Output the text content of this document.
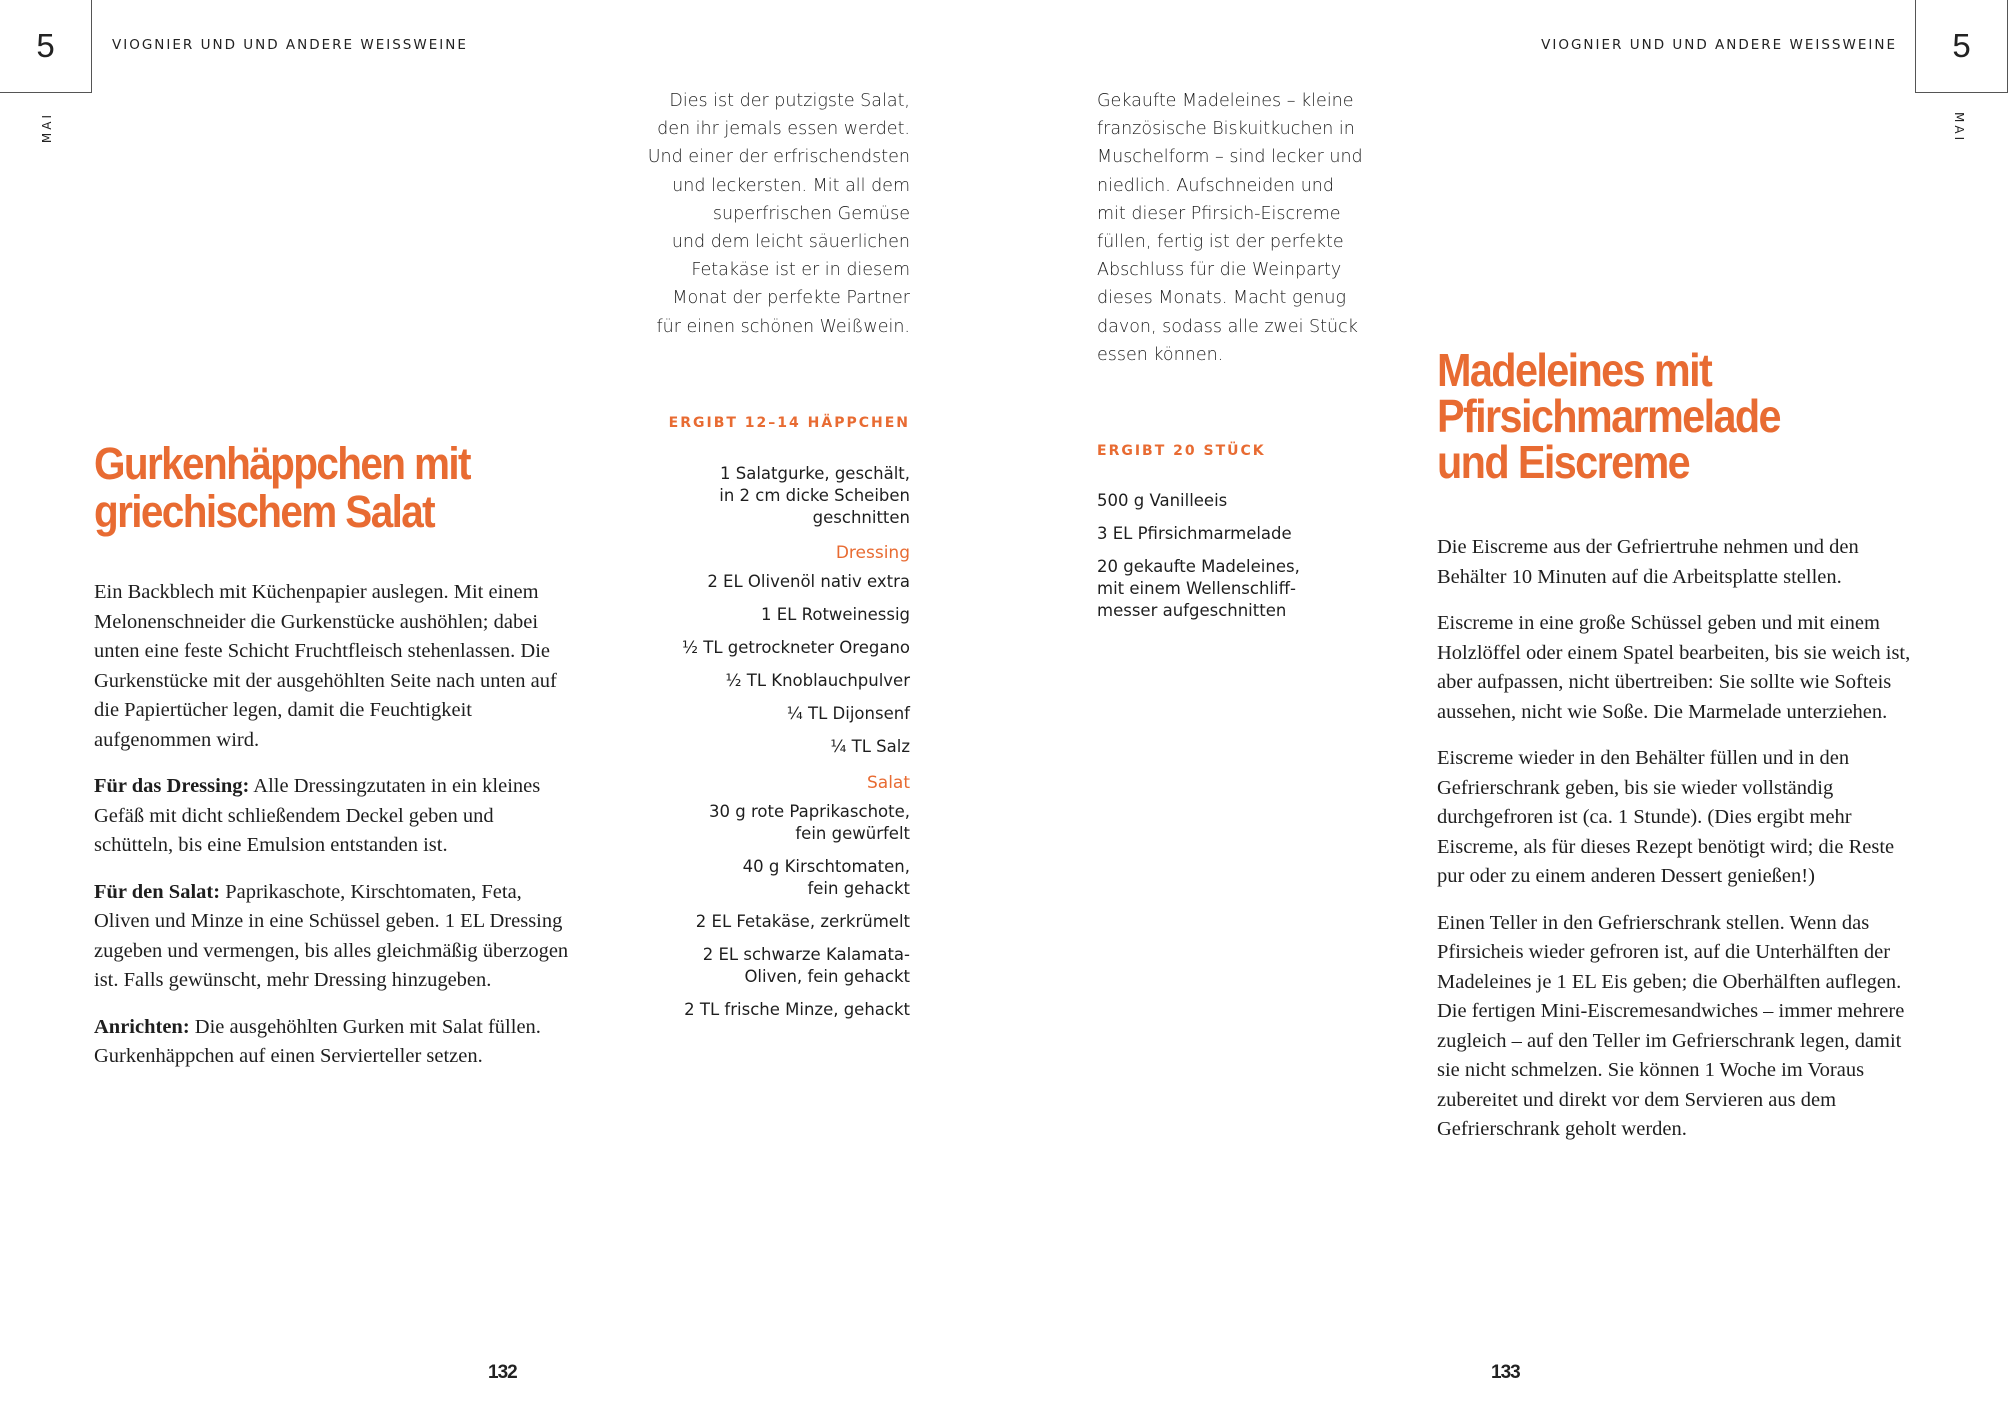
5	VIOGNIER UND UND ANDERE WEISSWEINE
MAI
5
VIOGNIER UND UND ANDERE WEISSWEINE
MAI
Gurkenhäppchen mit
griechischem Salat

Ein Backblech mit Küchenpapier auslegen. Mit einem Melonenschneider die Gurkenstücke aushöhlen; dabei unten eine feste Schicht Fruchtfleisch stehenlassen. Die Gurkenstücke mit der ausgehöhlten Seite nach unten auf die Papiertücher legen, damit die Feuchtigkeit aufgenommen wird.

Für das Dressing: Alle Dressingzutaten in ein kleines Gefäß mit dicht schließendem Deckel geben und schütteln, bis eine Emulsion entstanden ist.

Für den Salat: Paprikaschote, Kirschtomaten, Feta, Oliven und Minze in eine Schüssel geben. 1 EL Dressing zugeben und vermengen, bis alles gleichmäßig überzogen ist. Falls gewünscht, mehr Dressing hinzugeben.

Anrichten: Die ausgehöhlten Gurken mit Salat füllen. Gurkenhäppchen auf einen Servierteller setzen.

Dies ist der putzigste Salat,
den ihr jemals essen werdet.
Und einer der erfrischendsten
und leckersten. Mit all dem
superfrischen Gemüse
und dem leicht säuerlichen
Fetakäse ist er in diesem
Monat der perfekte Partner
für einen schönen Weißwein.
ERGIBT 12–14 HÄPPCHEN
1 Salatgurke, geschält,
in 2 cm dicke Scheiben
geschnitten
Dressing
2 EL Olivenöl nativ extra
1 EL Rotweinessig
½ TL getrockneter Oregano
½ TL Knoblauchpulver
¼ TL Dijonsenf
¼ TL Salz
Salat
30 g rote Paprikaschote,
fein gewürfelt
40 g Kirschtomaten,
fein gehackt
2 EL Fetakäse, zerkrümelt
2 EL schwarze Kalamata-
Oliven, fein gehackt
2 TL frische Minze, gehackt
132
Gekaufte Madeleines – kleine
französische Biskuitkuchen in
Muschelform – sind lecker und
niedlich. Aufschneiden und
mit dieser Pfirsich-Eiscreme
füllen, fertig ist der perfekte
Abschluss für die Weinparty
dieses Monats. Macht genug
davon, sodass alle zwei Stück
essen können.
ERGIBT 20 STÜCK
500 g Vanilleeis
3 EL Pfirsichmarmelade
20 gekaufte Madeleines,
mit einem Wellenschliff-
messer aufgeschnitten
Madeleines mit
Pfirsichmarmelade
und Eiscreme

Die Eiscreme aus der Gefriertruhe nehmen und den Behälter 10 Minuten auf die Arbeitsplatte stellen.

Eiscreme in eine große Schüssel geben und mit einem Holzlöffel oder einem Spatel bearbeiten, bis sie weich ist, aber aufpassen, nicht übertreiben: Sie sollte wie Softeis aussehen, nicht wie Soße. Die Marmelade unterziehen.

Eiscreme wieder in den Behälter füllen und in den Gefrierschrank geben, bis sie wieder vollständig durchgefroren ist (ca. 1 Stunde). (Dies ergibt mehr Eiscreme, als für dieses Rezept benötigt wird; die Reste pur oder zu einem anderen Dessert genießen!)

Einen Teller in den Gefrierschrank stellen. Wenn das Pfirsicheis wieder gefroren ist, auf die Unterhälften der Madeleines je 1 EL Eis geben; die Oberhälften auflegen. Die fertigen Mini-Eiscremesandwiches – immer mehrere zugleich – auf den Teller im Gefrierschrank legen, damit sie nicht schmelzen. Sie können 1 Woche im Voraus zubereitet und direkt vor dem Servieren aus dem Gefrierschrank geholt werden.

133
